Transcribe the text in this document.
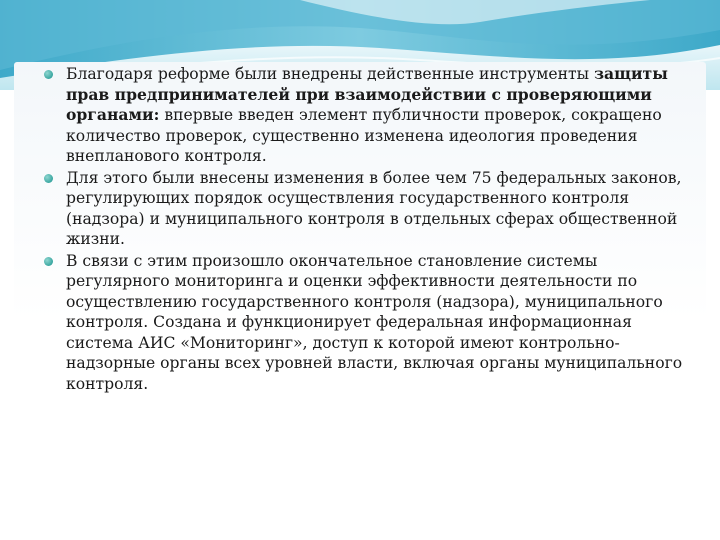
Благодаря реформе были внедрены действенные инструменты защиты прав предпринимателей при взаимодействии с проверяющими органами: впервые введен элемент публичности проверок, сокращено количество проверок, существенно изменена идеология проведения внепланового контроля.

Для этого были внесены изменения в более чем 75 федеральных законов, регулирующих порядок осуществления государственного контроля (надзора) и муниципального контроля в отдельных сферах общественной жизни.

В связи с этим произошло окончательное становление системы регулярного мониторинга и оценки эффективности деятельности по осуществлению государственного контроля (надзора), муниципального контроля. Создана и функционирует федеральная информационная система АИС «Мониторинг», доступ к которой имеют контрольно-надзорные органы всех уровней власти, включая органы муниципального контроля.
